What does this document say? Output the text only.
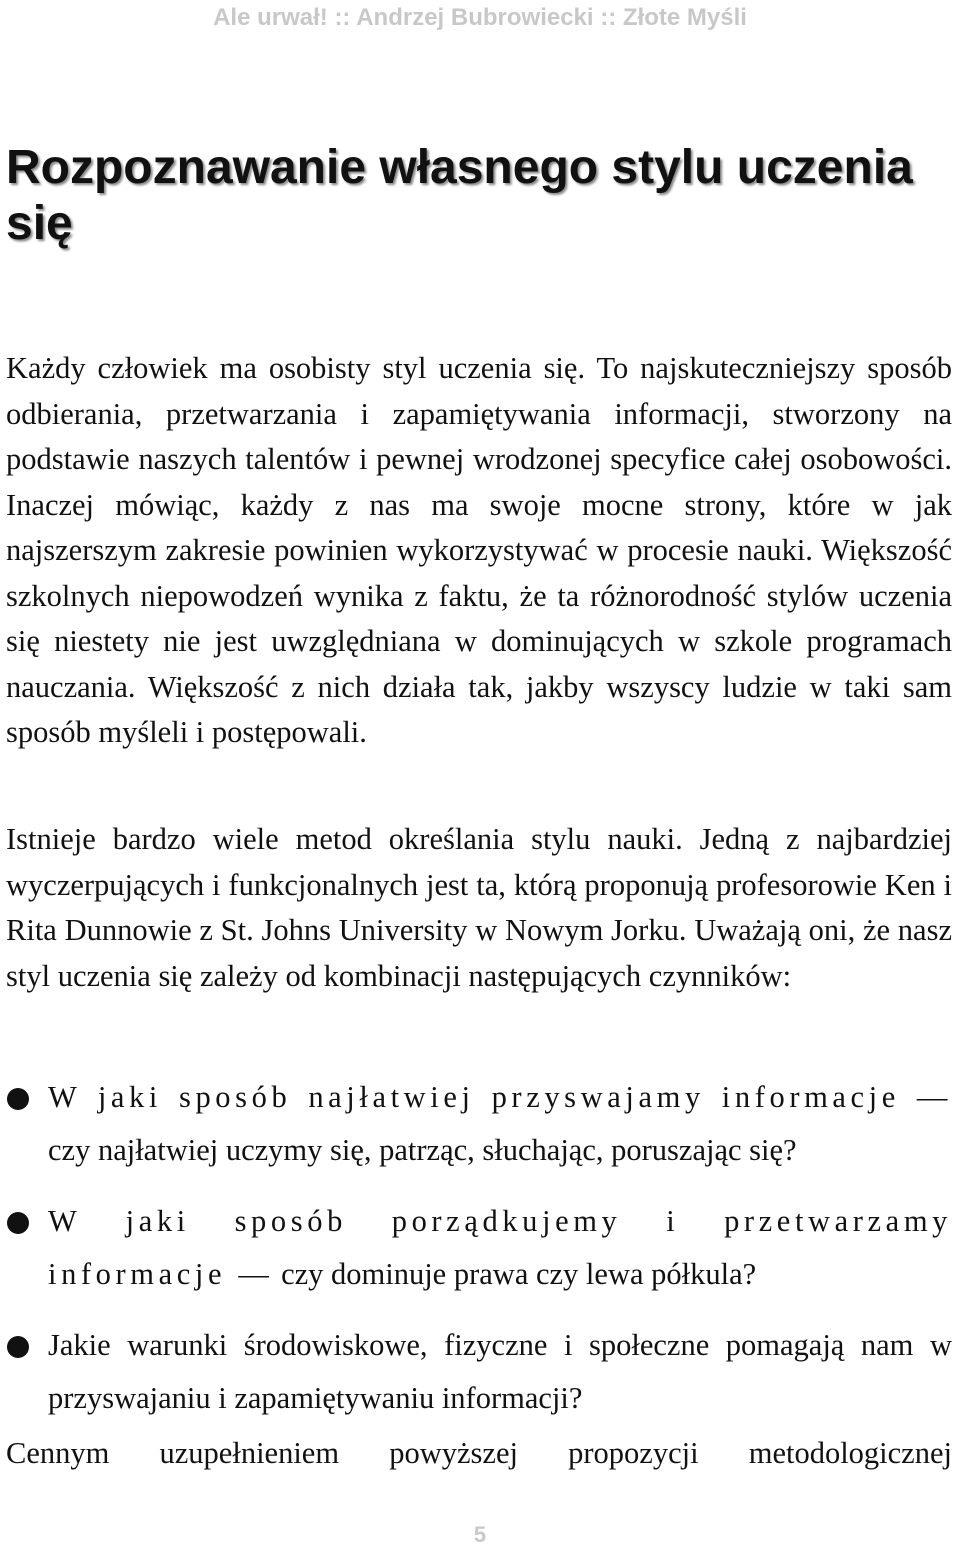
Ale urwał! :: Andrzej Bubrowiecki :: Złote Myśli
Rozpoznawanie własnego stylu uczenia się

Każdy człowiek ma osobisty styl uczenia się. To najskuteczniejszy sposób odbierania, przetwarzania i zapamiętywania informacji, stworzony na podstawie naszych talentów i pewnej wrodzonej specyfice całej osobowości. Inaczej mówiąc, każdy z nas ma swoje mocne strony, które w jak najszerszym zakresie powinien wykorzystywać w procesie nauki. Większość szkolnych niepowodzeń wynika z faktu, że ta różnorodność stylów uczenia się niestety nie jest uwzględniana w dominujących w szkole programach nauczania. Większość z nich działa tak, jakby wszyscy ludzie w taki sam sposób myśleli i postępowali.

Istnieje bardzo wiele metod określania stylu nauki. Jedną z najbardziej wyczerpujących i funkcjonalnych jest ta, którą proponują profesorowie Ken i Rita Dunnowie z St. Johns University w Nowym Jorku. Uważają oni, że nasz styl uczenia się zależy od kombinacji następujących czynników:

W jaki sposób najłatwiej przyswajamy informacje — czy najłatwiej uczymy się, patrząc, słuchając, poruszając się?
W jaki sposób porządkujemy i przetwarzamy informacje — czy dominuje prawa czy lewa półkula?
Jakie warunki środowiskowe, fizyczne i społeczne pomagają nam w przyswajaniu i zapamiętywaniu informacji?

Cennym uzupełnieniem powyższej propozycji metodologicznej

5
